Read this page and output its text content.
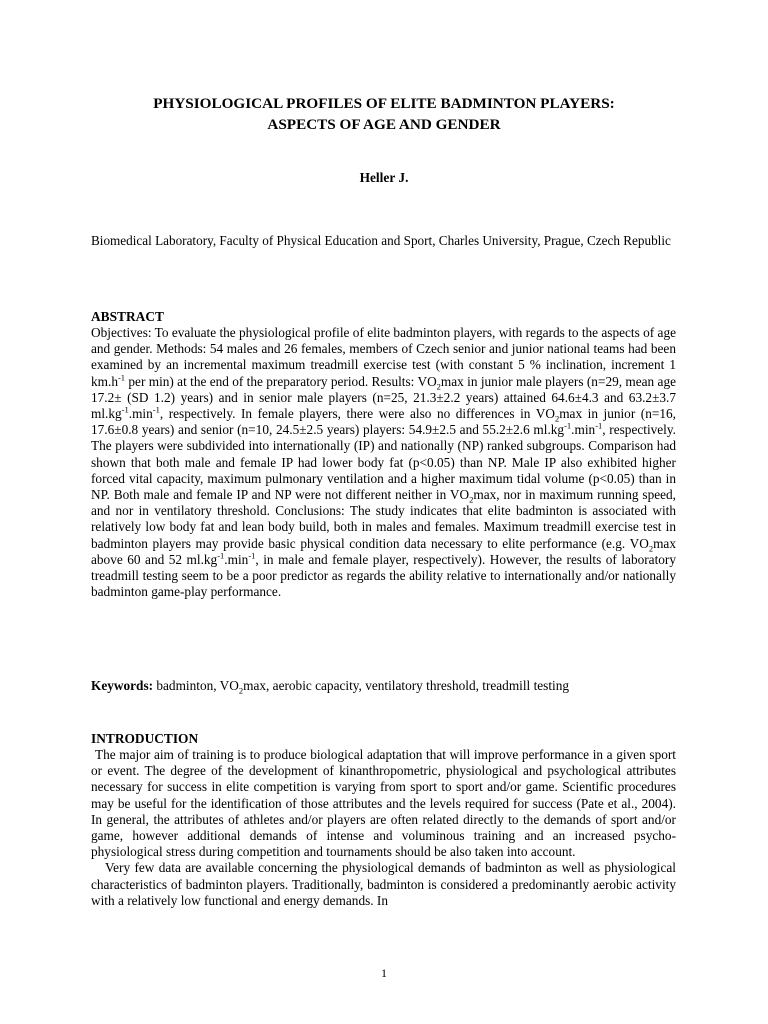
PHYSIOLOGICAL PROFILES OF ELITE BADMINTON PLAYERS:
ASPECTS OF AGE AND GENDER
Heller J.
Biomedical Laboratory, Faculty of Physical Education and Sport, Charles University, Prague, Czech Republic

ABSTRACT

Objectives: To evaluate the physiological profile of elite badminton players, with regards to the aspects of age and gender. Methods: 54 males and 26 females, members of Czech senior and junior national teams had been examined by an incremental maximum treadmill exercise test (with constant 5 % inclination, increment 1 $km.h^{-1}$ per min) at the end of the preparatory period. Results: $VO_2\max$ in junior male players (n=29, mean age 17.2± (SD 1.2) years) and in senior male players (n=25, 21.3±2.2 years) attained 64.6±4.3 and 63.2±3.7 $ml.kg^{-1}.\min^{-1}$, respectively. In female players, there were also no differences in $VO_2\max$ in junior (n=16, 17.6±0.8 years) and senior (n=10, 24.5±2.5 years) players: 54.9±2.5 and 55.2±2.6 $ml.kg^{-1}.\min^{-1}$, respectively. The players were subdivided into internationally (IP) and nationally (NP) ranked subgroups. Comparison had shown that both male and female IP had lower body fat (p<0.05) than NP. Male IP also exhibited higher forced vital capacity, maximum pulmonary ventilation and a higher maximum tidal volume (p<0.05) than in NP. Both male and female IP and NP were not different neither in $VO_2\max$, nor in maximum running speed, and nor in ventilatory threshold. Conclusions: The study indicates that elite badminton is associated with relatively low body fat and lean body build, both in males and females. Maximum treadmill exercise test in badminton players may provide basic physical condition data necessary to elite performance (e.g. $VO_2\max$ above 60 and 52 $ml.kg^{-1}.\min^{-1}$, in male and female player, respectively). However, the results of laboratory treadmill testing seem to be a poor predictor as regards the ability relative to internationally and/or nationally badminton game-play performance.

Keywords: badminton, $VO_2\max$, aerobic capacity, ventilatory threshold, treadmill testing

INTRODUCTION

The major aim of training is to produce biological adaptation that will improve performance in a given sport or event. The degree of the development of kinanthropometric, physiological and psychological attributes necessary for success in elite competition is varying from sport to sport and/or game. Scientific procedures may be useful for the identification of those attributes and the levels required for success (Pate et al., 2004). In general, the attributes of athletes and/or players are often related directly to the demands of sport and/or game, however additional demands of intense and voluminous training and an increased psycho-physiological stress during competition and tournaments should be also taken into account.

Very few data are available concerning the physiological demands of badminton as well as physiological characteristics of badminton players. Traditionally, badminton is considered a predominantly aerobic activity with a relatively low functional and energy demands. In

1
